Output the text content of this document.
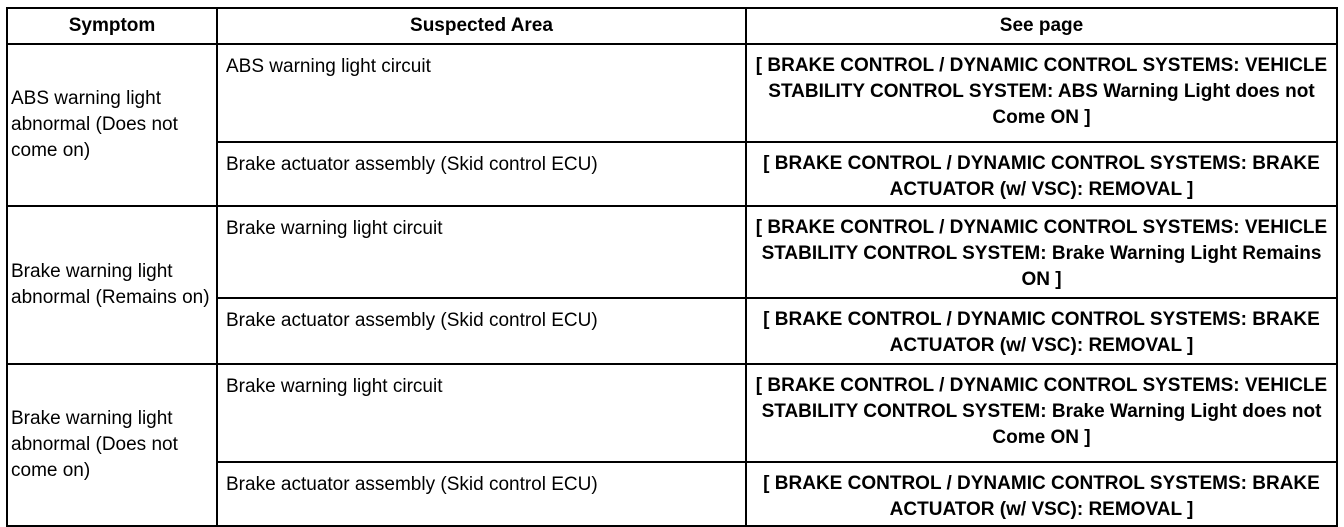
Symptom	Suspected Area	See page
ABS warning light abnormal (Does not come on)	ABS warning light circuit	[ BRAKE CONTROL / DYNAMIC CONTROL SYSTEMS: VEHICLE STABILITY CONTROL SYSTEM: ABS Warning Light does not Come ON ]
	Brake actuator assembly (Skid control ECU)	[ BRAKE CONTROL / DYNAMIC CONTROL SYSTEMS: BRAKE ACTUATOR (w/ VSC): REMOVAL ]
Brake warning light abnormal (Remains on)	Brake warning light circuit	[ BRAKE CONTROL / DYNAMIC CONTROL SYSTEMS: VEHICLE STABILITY CONTROL SYSTEM: Brake Warning Light Remains ON ]
	Brake actuator assembly (Skid control ECU)	[ BRAKE CONTROL / DYNAMIC CONTROL SYSTEMS: BRAKE ACTUATOR (w/ VSC): REMOVAL ]
Brake warning light abnormal (Does not come on)	Brake warning light circuit	[ BRAKE CONTROL / DYNAMIC CONTROL SYSTEMS: VEHICLE STABILITY CONTROL SYSTEM: Brake Warning Light does not Come ON ]
	Brake actuator assembly (Skid control ECU)	[ BRAKE CONTROL / DYNAMIC CONTROL SYSTEMS: BRAKE ACTUATOR (w/ VSC): REMOVAL ]
